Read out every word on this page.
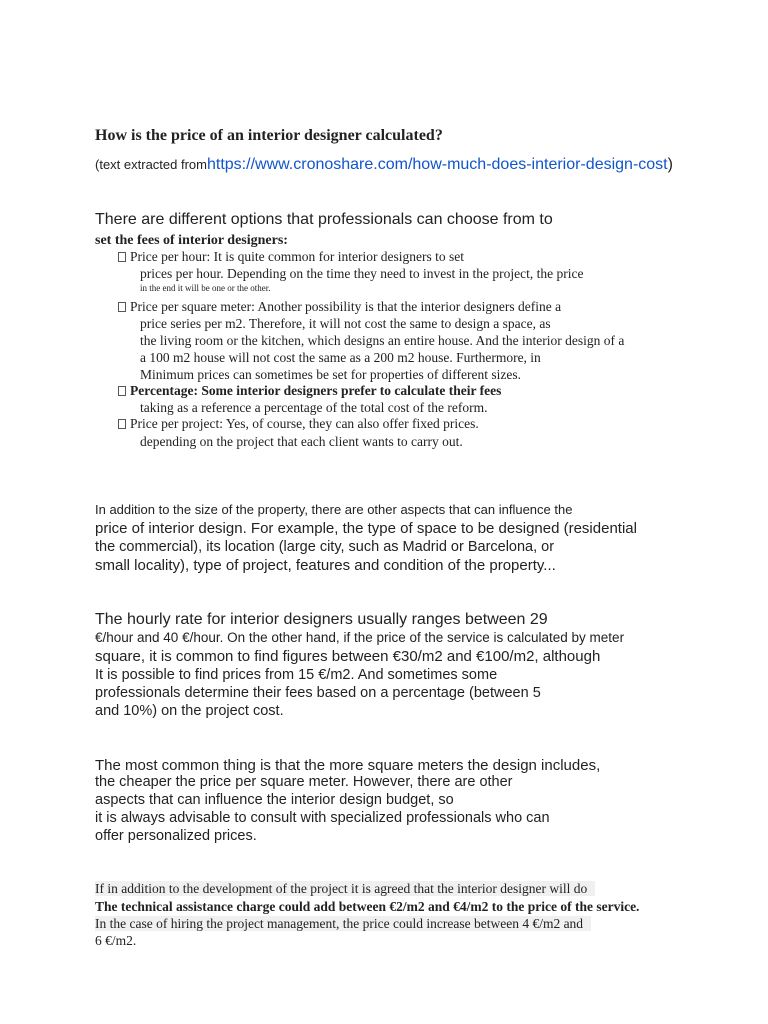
How is the price of an interior designer calculated?
(text extracted fromhttps://www.cronoshare.com/how-much-does-interior-design-cost)
There are different options that professionals can choose from to
set the fees of interior designers:
Price per hour: It is quite common for interior designers to set
prices per hour. Depending on the time they need to invest in the project, the price
in the end it will be one or the other.
Price per square meter: Another possibility is that the interior designers define a
price series per m2. Therefore, it will not cost the same to design a space, as
the living room or the kitchen, which designs an entire house. And the interior design of a
a 100 m2 house will not cost the same as a 200 m2 house. Furthermore, in
Minimum prices can sometimes be set for properties of different sizes.
Percentage: Some interior designers prefer to calculate their fees
taking as a reference a percentage of the total cost of the reform.
Price per project: Yes, of course, they can also offer fixed prices.
depending on the project that each client wants to carry out.
In addition to the size of the property, there are other aspects that can influence the
price of interior design. For example, the type of space to be designed (residential
the commercial), its location (large city, such as Madrid or Barcelona, or
small locality), type of project, features and condition of the property...
The hourly rate for interior designers usually ranges between 29
€/hour and 40 €/hour. On the other hand, if the price of the service is calculated by meter
square, it is common to find figures between €30/m2 and €100/m2, although
It is possible to find prices from 15 €/m2. And sometimes some
professionals determine their fees based on a percentage (between 5
and 10%) on the project cost.
The most common thing is that the more square meters the design includes,
the cheaper the price per square meter. However, there are other
aspects that can influence the interior design budget, so
it is always advisable to consult with specialized professionals who can
offer personalized prices.
If in addition to the development of the project it is agreed that the interior designer will do
The technical assistance charge could add between €2/m2 and €4/m2 to the price of the service.
In the case of hiring the project management, the price could increase between 4 €/m2 and
6 €/m2.
